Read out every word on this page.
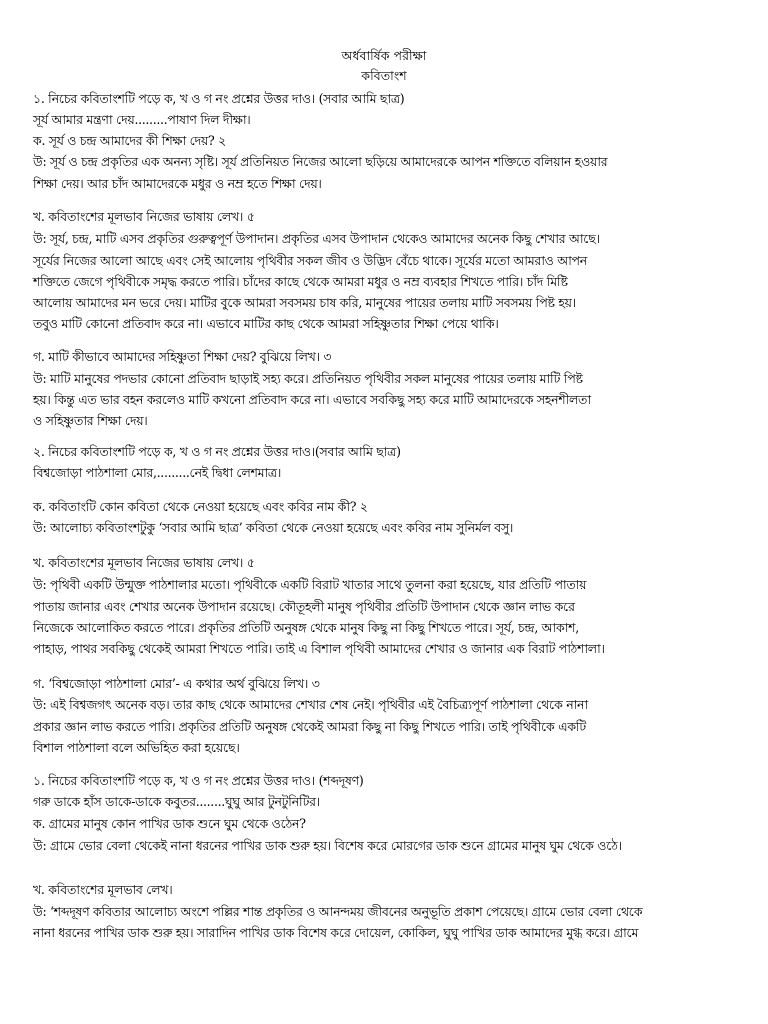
অর্ধবার্ষিক পরীক্ষা
কবিতাংশ
১. নিচের কবিতাংশটি পড়ে ক, খ ও গ নং প্রশ্নের উত্তর দাও। (সবার আমি ছাত্র)
সূর্য আমার মন্ত্রণা দেয়.........পাষাণ দিল দীক্ষা।
ক. সূর্য ও চন্দ্র আমাদের কী শিক্ষা দেয়? ২
উ: সূর্য ও চন্দ্র প্রকৃতির এক অনন্য সৃষ্টি। সূর্য প্রতিনিয়ত নিজের আলো ছড়িয়ে আমাদেরকে আপন শক্তিতে বলিয়ান হওয়ার
শিক্ষা দেয়। আর চাঁদ আমাদেরকে মধুর ও নম্র হতে শিক্ষা দেয়।
খ. কবিতাংশের মূলভাব নিজের ভাষায় লেখ। ৫
উ: সূর্য, চন্দ্র, মাটি এসব প্রকৃতির গুরুত্বপূর্ণ উপাদান। প্রকৃতির এসব উপাদান থেকেও আমাদের অনেক কিছু শেখার আছে।
সূর্যের নিজের আলো আছে এবং সেই আলোয় পৃথিবীর সকল জীব ও উদ্ভিদ বেঁচে থাকে। সূর্যের মতো আমরাও আপন
শক্তিতে জেগে পৃথিবীকে সমৃদ্ধ করতে পারি। চাঁদের কাছে থেকে আমরা মধুর ও নম্র ব্যবহার শিখতে পারি। চাঁদ মিষ্টি
আলোয় আমাদের মন ভরে দেয়। মাটির বুকে আমরা সবসময় চাষ করি, মানুষের পায়ের তলায় মাটি সবসময় পিষ্ট হয়।
তবুও মাটি কোনো প্রতিবাদ করে না। এভাবে মাটির কাছ থেকে আমরা সহিষ্ণুতার শিক্ষা পেয়ে থাকি।
গ. মাটি কীভাবে আমাদের সহিষ্ণুতা শিক্ষা দেয়? বুঝিয়ে লিখ। ৩
উ: মাটি মানুষের পদভার কোনো প্রতিবাদ ছাড়াই সহ্য করে। প্রতিনিয়ত পৃথিবীর সকল মানুষের পায়ের তলায় মাটি পিষ্ট
হয়। কিন্তু এত ভার বহন করলেও মাটি কখনো প্রতিবাদ করে না। এভাবে সবকিছু সহ্য করে মাটি আমাদেরকে সহনশীলতা
ও সহিষ্ণুতার শিক্ষা দেয়।
২. নিচের কবিতাংশটি পড়ে ক, খ ও গ নং প্রশ্নের উত্তর দাও।(সবার আমি ছাত্র)
বিশ্বজোড়া পাঠশালা মোর,.........নেই দ্বিধা লেশমাত্র।
ক. কবিতাংটি কোন কবিতা থেকে নেওয়া হয়েছে এবং কবির নাম কী? ২
উ: আলোচ্য কবিতাংশটুকু ‘সবার আমি ছাত্র’ কবিতা থেকে নেওয়া হয়েছে এবং কবির নাম সুনির্মল বসু।
খ. কবিতাংশের মূলভাব নিজের ভাষায় লেখ। ৫
উ: পৃথিবী একটি উন্মুক্ত পাঠশালার মতো। পৃথিবীকে একটি বিরাট খাতার সাথে তুলনা করা হয়েছে, যার প্রতিটি পাতায়
পাতায় জানার এবং শেখার অনেক উপাদান রয়েছে। কৌতূহলী মানুষ পৃথিবীর প্রতিটি উপাদান থেকে জ্ঞান লাভ করে
নিজেকে আলোকিত করতে পারে। প্রকৃতির প্রতিটি অনুষঙ্গ থেকে মানুষ কিছু না কিছু শিখতে পারে। সূর্য, চন্দ্র, আকাশ,
পাহাড়, পাথর সবকিছু থেকেই আমরা শিখতে পারি। তাই এ বিশাল পৃথিবী আমাদের শেখার ও জানার এক বিরাট পাঠশালা।
গ. ‘বিশ্বজোড়া পাঠশালা মোর’- এ কথার অর্থ বুঝিয়ে লিখ। ৩
উ: এই বিশ্বজগৎ অনেক বড়। তার কাছ থেকে আমাদের শেখার শেষ নেই। পৃথিবীর এই বৈচিত্র্যপূর্ণ পাঠশালা থেকে নানা
প্রকার জ্ঞান লাভ করতে পারি। প্রকৃতির প্রতিটি অনুষঙ্গ থেকেই আমরা কিছু না কিছু শিখতে পারি। তাই পৃথিবীকে একটি
বিশাল পাঠশালা বলে অভিহিত করা হয়েছে।
১. নিচের কবিতাংশটি পড়ে ক, খ ও গ নং প্রশ্নের উত্তর দাও। (শব্দদূষণ)
গরু ডাকে হাঁস ডাকে-ডাকে কবুতর........ঘুঘু আর টুনটুনিটির।
ক. গ্রামের মানুষ কোন পাখির ডাক শুনে ঘুম থেকে ওঠেন?
উ: গ্রামে ভোর বেলা থেকেই নানা ধরনের পাখির ডাক শুরু হয়। বিশেষ করে মোরগের ডাক শুনে গ্রামের মানুষ ঘুম থেকে ওঠে।
খ. কবিতাংশের মূলভাব লেখ।
উ: ‘শব্দদূষণ কবিতার আলোচ্য অংশে পল্লির শান্ত প্রকৃতির ও আনন্দময় জীবনের অনুভূতি প্রকাশ পেয়েছে। গ্রামে ভোর বেলা থেকে
নানা ধরনের পাখির ডাক শুরু হয়। সারাদিন পাখির ডাক বিশেষ করে দোয়েল, কোকিল, ঘুঘু পাখির ডাক আমাদের মুগ্ধ করে। গ্রামে
